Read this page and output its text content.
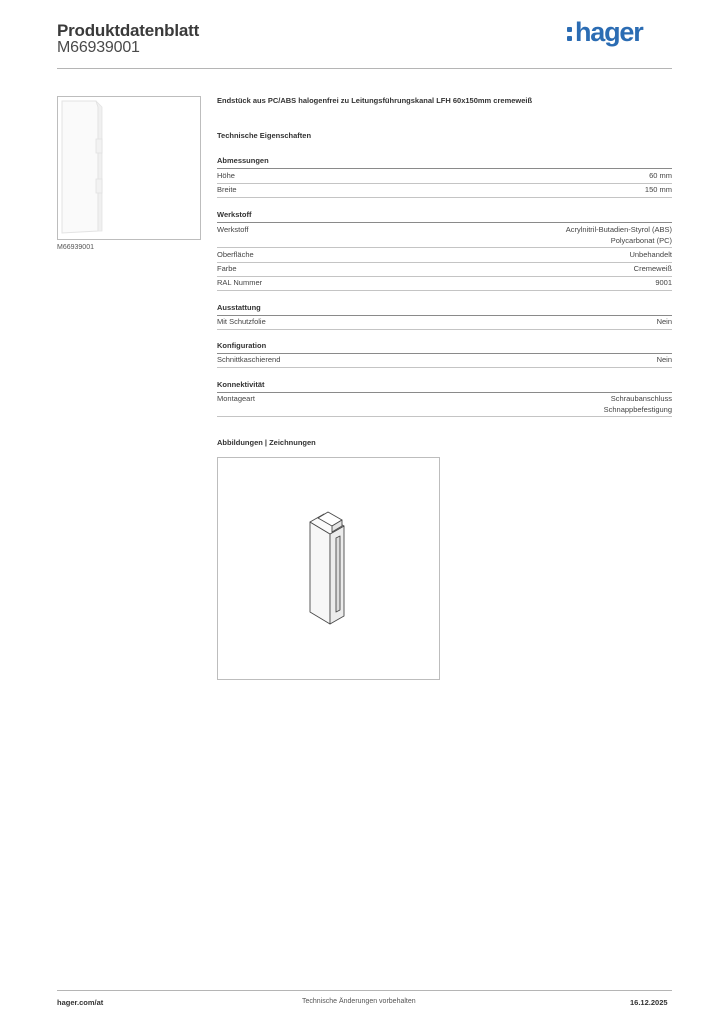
Produktdatenblatt
M66939001
hager
M66939001
Endstück aus PC/ABS halogenfrei zu Leitungsführungskanal LFH 60x150mm cremeweiß
Technische Eigenschaften
Abmessungen
Höhe	60 mm
Breite	150 mm
Werkstoff
Werkstoff	Acrylnitril-Butadien-Styrol (ABS)
Polycarbonat (PC)
Oberfläche	Unbehandelt
Farbe	Cremeweiß
RAL Nummer	9001
Ausstattung
Mit Schutzfolie	Nein
Konfiguration
Schnittkaschierend	Nein
Konnektivität
Montageart	Schraubanschluss
Schnappbefestigung
Abbildungen | Zeichnungen
hager.com/at	Technische Änderungen vorbehalten	16.12.2025
